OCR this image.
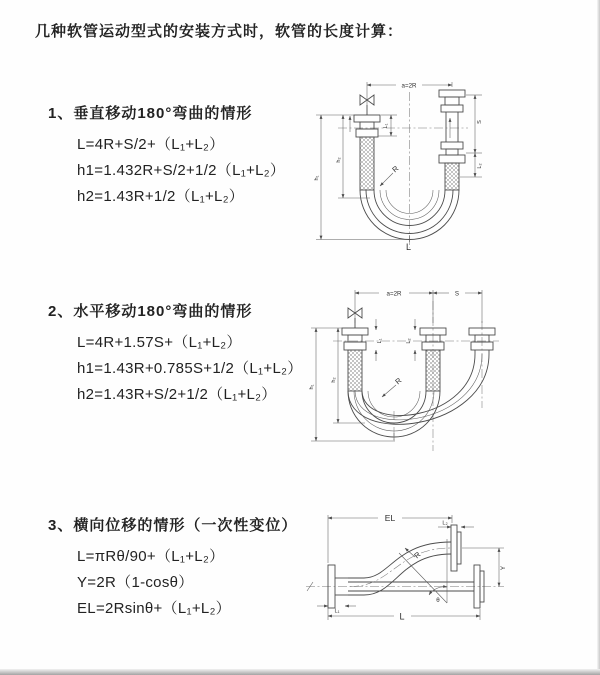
几种软管运动型式的安装方式时，软管的长度计算：
1、垂直移动180°弯曲的情形
L=4R+S/2+（L₁+L₂）
h1=1.432R+S/2+1/2（L₁+L₂）
h2=1.43R+1/2（L₁+L₂）
2、水平移动180°弯曲的情形
L=4R+1.57S+（L₁+L₂）
h1=1.43R+0.785S+1/2（L₁+L₂）
h2=1.43R+S/2+1/2（L₁+L₂）
3、横向位移的情形（一次性变位）
L=πRθ/90+（L₁+L₂）
Y=2R（1-cosθ）
EL=2Rsinθ+（L₁+L₂）
a=2R
L₁
h₁
h₂
S
L₂
R
L
a=2R	S
h₁
h₂
L₁	L₂
R
EL
L₂
Y
L
L₁
θ
R
